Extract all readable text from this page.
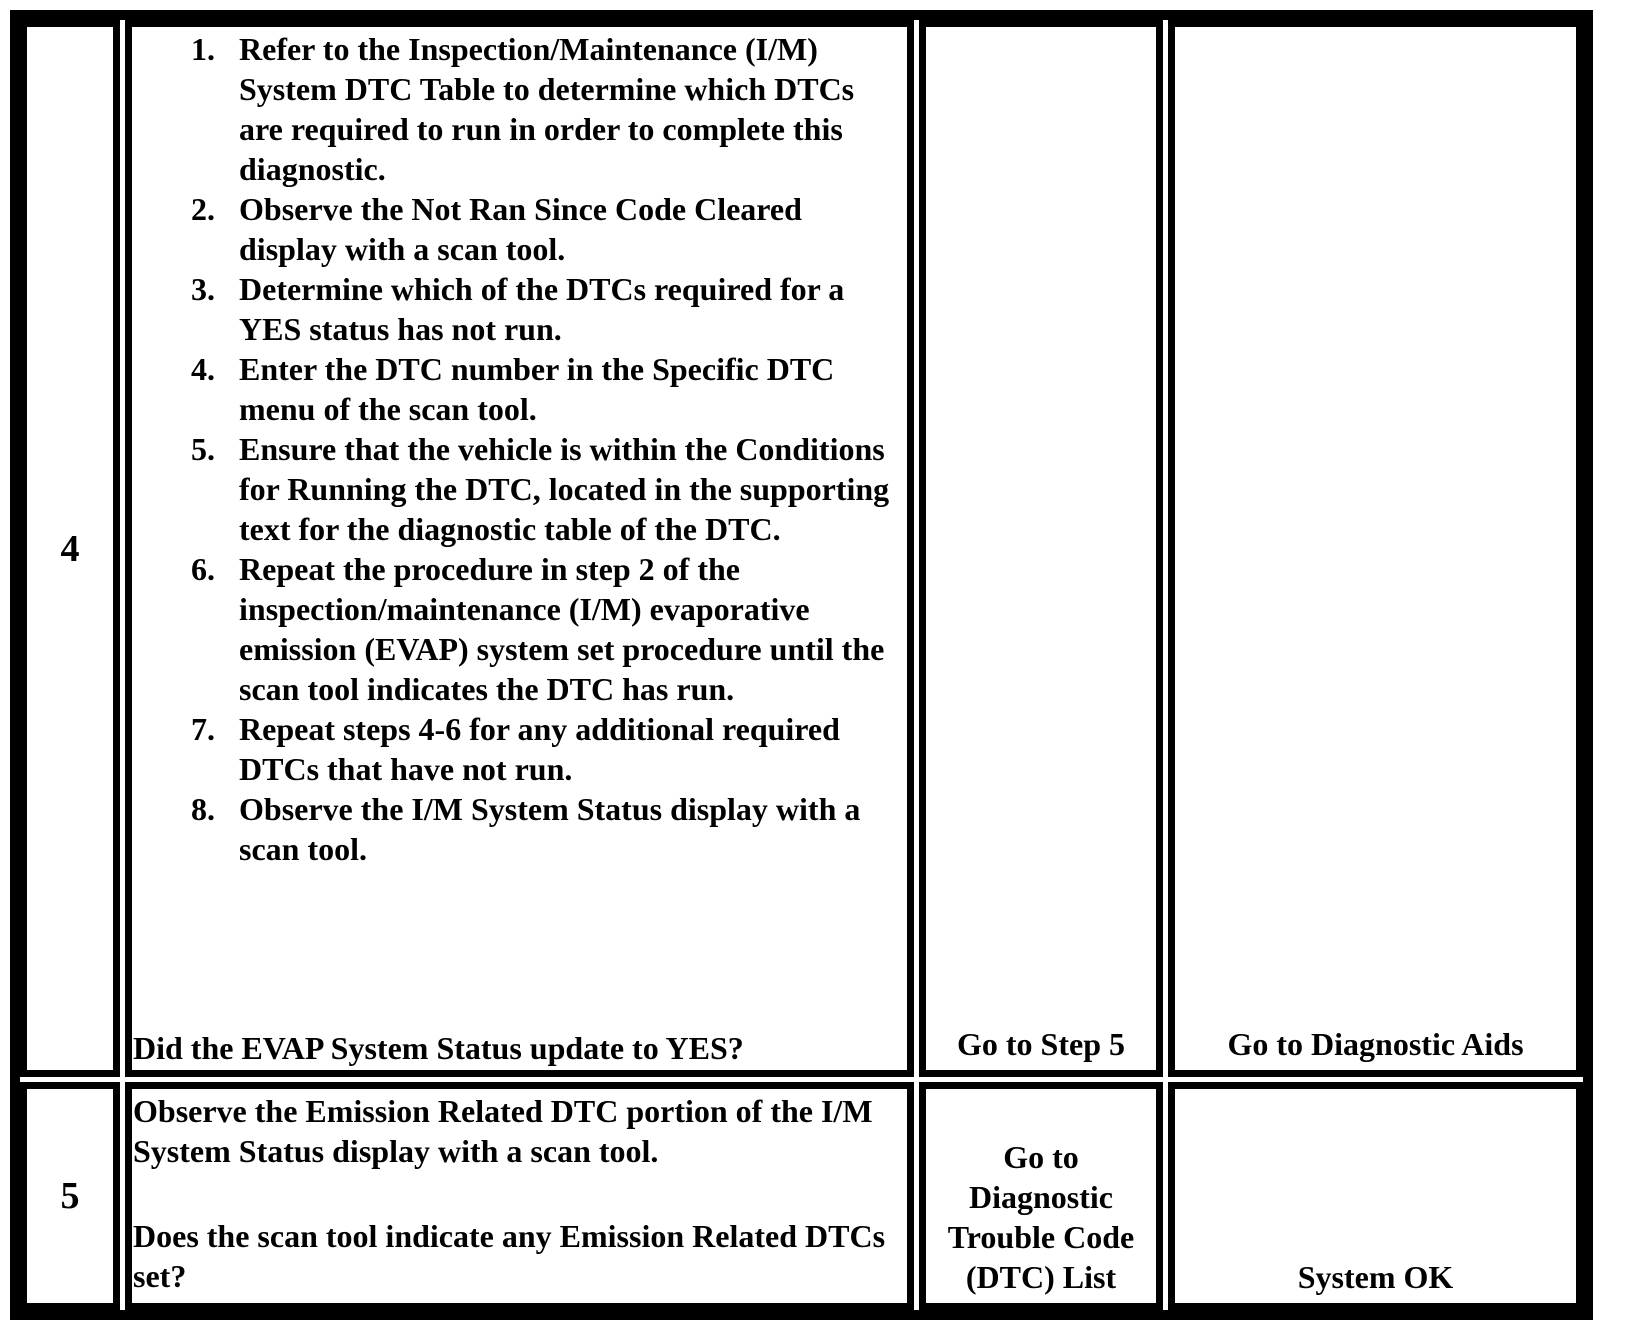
4
Refer to the Inspection/Maintenance (I/M) System DTC Table to determine which DTCs are required to run in order to complete this diagnostic.
Observe the Not Ran Since Code Cleared display with a scan tool.
Determine which of the DTCs required for a YES status has not run.
Enter the DTC number in the Specific DTC menu of the scan tool.
Ensure that the vehicle is within the Conditions for Running the DTC, located in the supporting text for the diagnostic table of the DTC.
Repeat the procedure in step 2 of the inspection/maintenance (I/M) evaporative emission (EVAP) system set procedure until the scan tool indicates the DTC has run.
Repeat steps 4-6 for any additional required DTCs that have not run.
Observe the I/M System Status display with a scan tool.

Did the EVAP System Status update to YES?	Go to Step 5	Go to Diagnostic Aids
5

Observe the Emission Related DTC portion of the I/M System Status display with a scan tool.

Does the scan tool indicate any Emission Related DTCs set?

Go to Diagnostic Trouble Code (DTC) List	System OK
